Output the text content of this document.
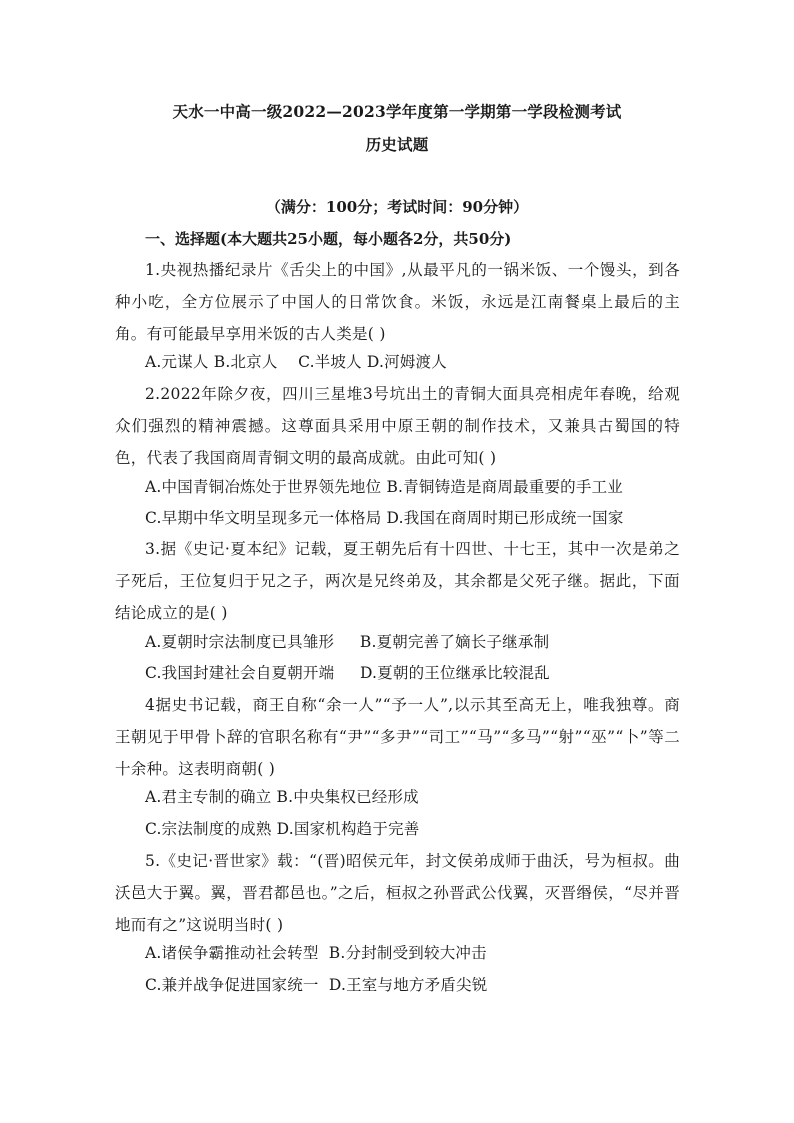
天水一中高一级2022—2023学年度第一学期第一学段检测考试
历史试题
（满分：100分；考试时间：90分钟）
一、选择题(本大题共25小题，每小题各2分，共50分)
1.央视热播纪录片《舌尖上的中国》,从最平凡的一锅米饭、一个馒头，到各种小吃，全方位展示了中国人的日常饮食。米饭，永远是江南餐桌上最后的主角。有可能最早享用米饭的古人类是( )
A.元谋人 B.北京人    C.半坡人 D.河姆渡人
2.2022年除夕夜，四川三星堆3号坑出土的青铜大面具亮相虎年春晚，给观众们强烈的精神震撼。这尊面具采用中原王朝的制作技术，又兼具古蜀国的特色，代表了我国商周青铜文明的最高成就。由此可知( )
A.中国青铜冶炼处于世界领先地位 B.青铜铸造是商周最重要的手工业
C.早期中华文明呈现多元一体格局 D.我国在商周时期已形成统一国家
3.据《史记·夏本纪》记载，夏王朝先后有十四世、十七王，其中一次是弟之子死后，王位复归于兄之子，两次是兄终弟及，其余都是父死子继。据此，下面结论成立的是( )
A.夏朝时宗法制度已具雏形     B.夏朝完善了嫡长子继承制
C.我国封建社会自夏朝开端     D.夏朝的王位继承比较混乱
4据史书记载，商王自称“余一人”“予一人”,以示其至高无上，唯我独尊。商王朝见于甲骨卜辞的官职名称有“尹”“多尹”“司工”“马”“多马”“射”“巫”“卜”等二十余种。这表明商朝( )
A.君主专制的确立 B.中央集权已经形成
C.宗法制度的成熟 D.国家机构趋于完善
5.《史记·晋世家》载：“(晋)昭侯元年，封文侯弟成师于曲沃，号为桓叔。曲沃邑大于翼。翼，晋君都邑也。”之后，桓叔之孙晋武公伐翼，灭晋缗侯，“尽并晋地而有之”这说明当时( )
A.诸侯争霸推动社会转型  B.分封制受到较大冲击
C.兼并战争促进国家统一  D.王室与地方矛盾尖锐
